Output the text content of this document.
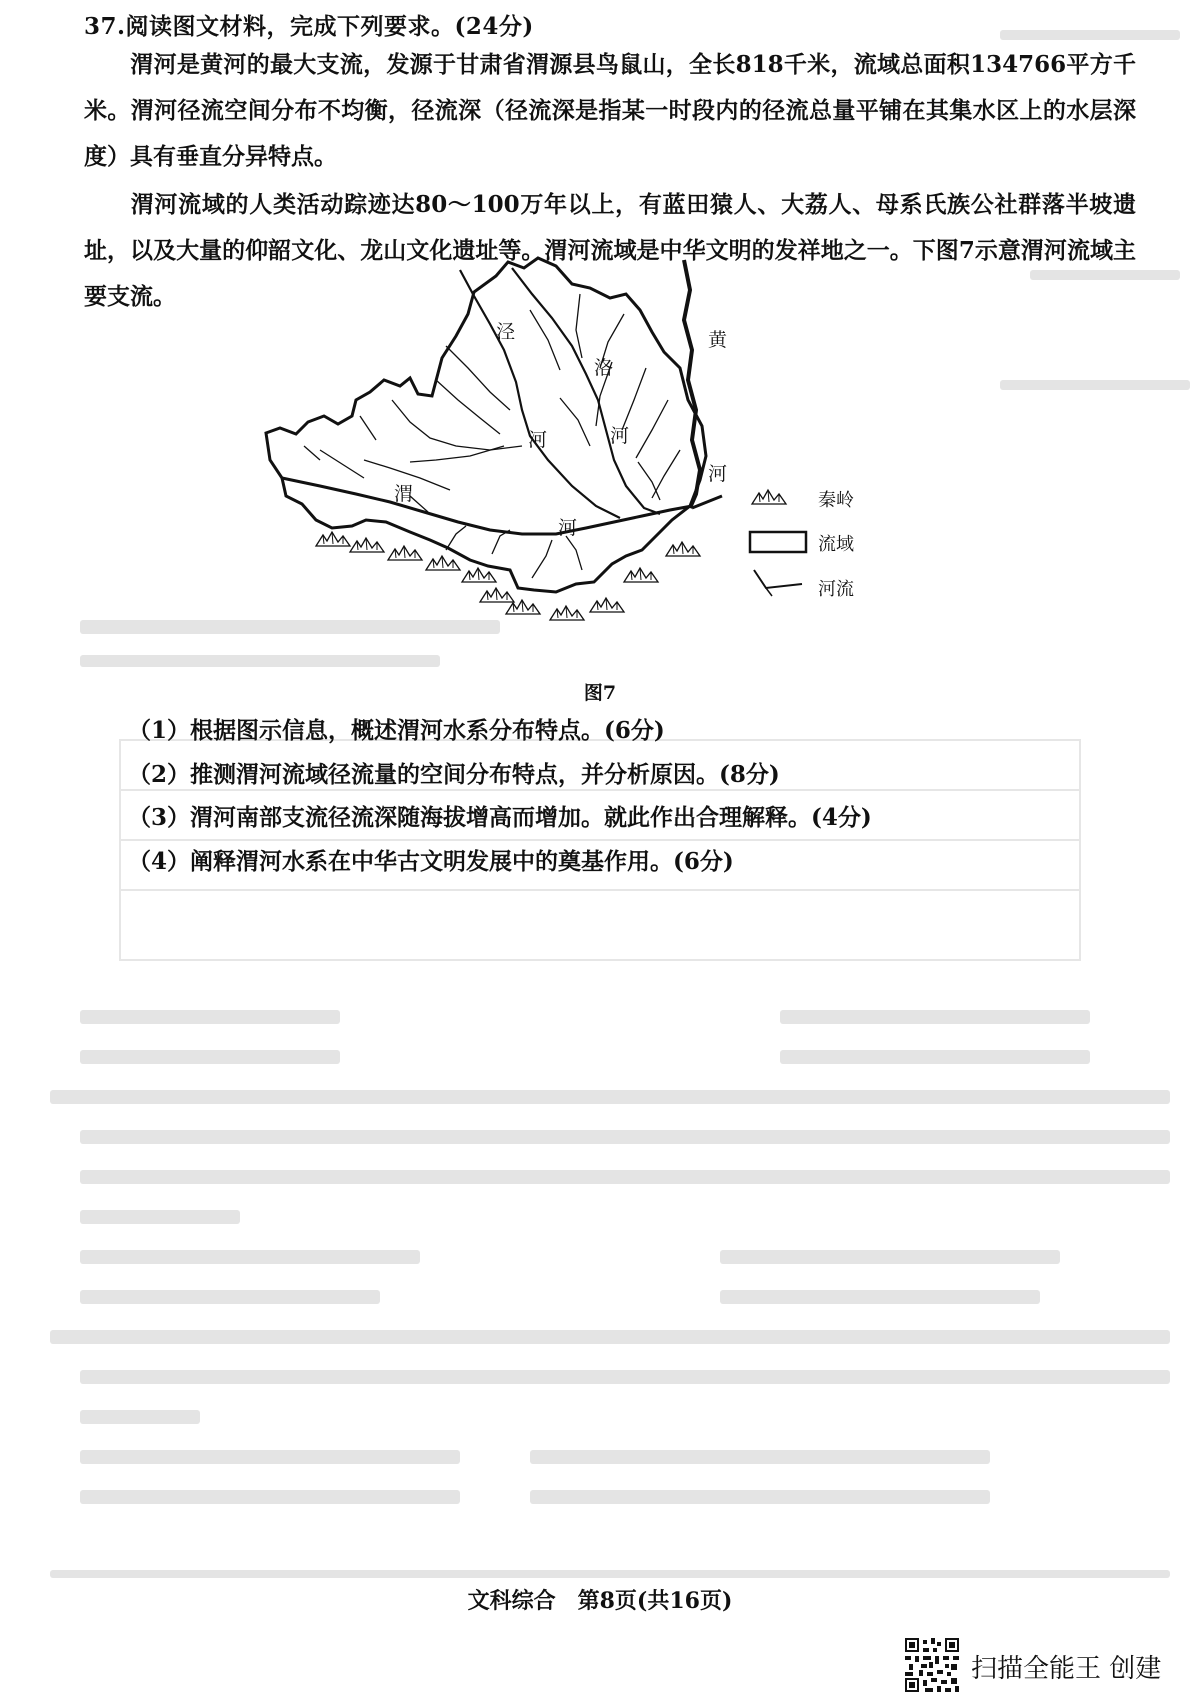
37.阅读图文材料，完成下列要求。(24分)
渭河是黄河的最大支流，发源于甘肃省渭源县鸟鼠山，全长818千米，流域总面积134766平方千米。渭河径流空间分布不均衡，径流深（径流深是指某一时段内的径流总量平铺在其集水区上的水层深度）具有垂直分异特点。
渭河流域的人类活动踪迹达80～100万年以上，有蓝田猿人、大荔人、母系氏族公社群落半坡遗址，以及大量的仰韶文化、龙山文化遗址等。渭河流域是中华文明的发祥地之一。下图7示意渭河流域主要支流。
泾
河
洛
河
黄
河
渭
河
秦岭
流域
河流
图7
（1）根据图示信息，概述渭河水系分布特点。(6分)
（2）推测渭河流域径流量的空间分布特点，并分析原因。(8分)
（3）渭河南部支流径流深随海拔增高而增加。就此作出合理解释。(4分)
（4）阐释渭河水系在中华古文明发展中的奠基作用。(6分)
文科综合　第8页(共16页)
扫描全能王 创建
